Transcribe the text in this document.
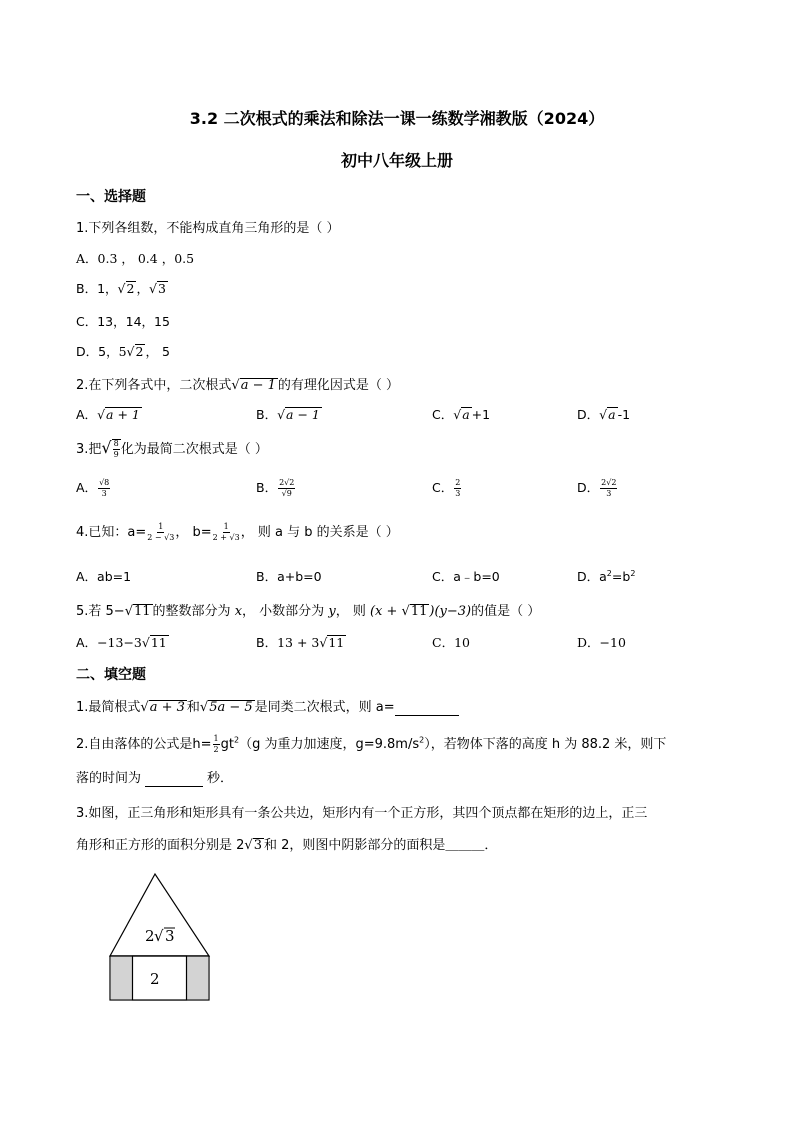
3.2 二次根式的乘法和除法一课一练数学湘教版（2024）
初中八年级上册
一、选择题
1.下列各组数，不能构成直角三角形的是（ ）
A．0.3 ， 0.4 ，0.5
B．1，√2 ，√3
C．13，14，15
D．5，5√2 ， 5
2.在下列各式中，二次根式√a − 1 的有理化因式是（ ）
A．√a + 1	B．√a − 1	C．√a +1	D．√a -1
3.把√ $\frac{8}{9}$ 化为最简二次根式是（ ）
A． $\frac{√8}{3}$	B． $\frac{2√2}{√9}$	C． $\frac{2}{3}$	D． $\frac{2√2}{3}$
4.已知：$a= \frac{1}{2 - √3}$ ， $b= \frac{1}{2 + √3}$ ， 则 a 与 b 的关系是（ ）
A．ab=1	B．a+b=0	C．a﹣b=0	D．$a^2=b^2$
5.若 5−√11 的整数部分为 x， 小数部分为 y， 则 (x + √11 )(y−3)的值是（ ）
A．−13−3√11	B．13 + 3√11	C．10	D．−10
二、填空题
1.最简根式√a + 3 和√5a − 5 是同类二次根式，则 a=
2.自由落体的公式是$h= \frac{1}{2} gt^2(g$ 为重力加速度，$g=9.8m/s^2$），若物体下落的高度 h 为 88.2 米，则下
落的时间为	秒．
3.如图，正三角形和矩形具有一条公共边，矩形内有一个正方形，其四个顶点都在矩形的边上，正三
角形和正方形的面积分别是 2√3 和 2，则图中阴影部分的面积是＿＿＿．
2 √ 3
2
